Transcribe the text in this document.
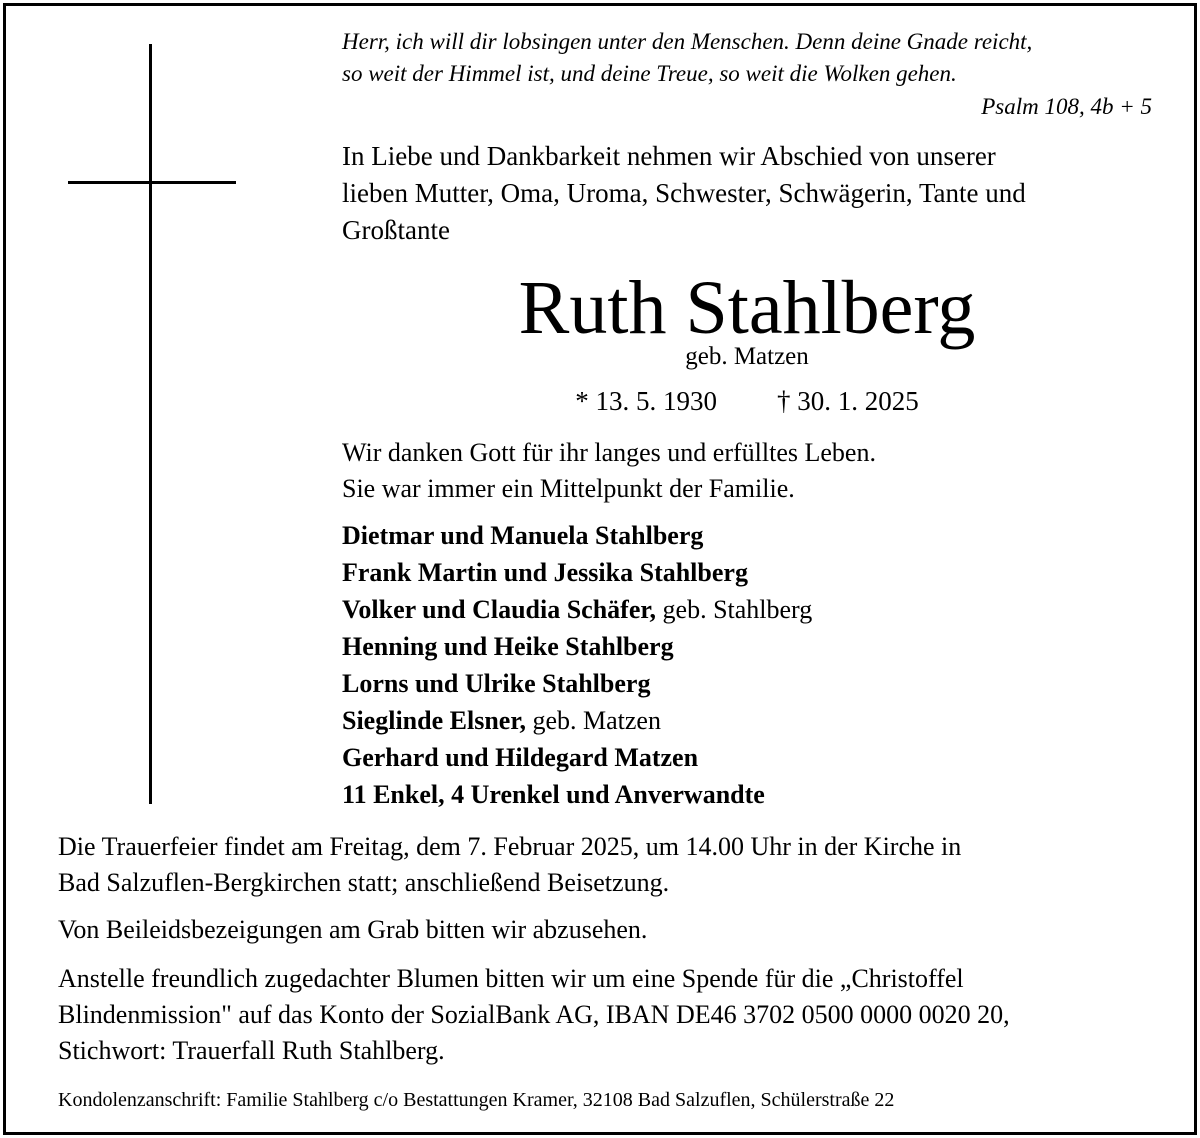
Herr, ich will dir lobsingen unter den Menschen. Denn deine Gnade reicht,
so weit der Himmel ist, und deine Treue, so weit die Wolken gehen.
Psalm 108, 4b + 5
In Liebe und Dankbarkeit nehmen wir Abschied von unserer
lieben Mutter, Oma, Uroma, Schwester, Schwägerin, Tante und
Großtante
Ruth Stahlberg
geb. Matzen
* 13. 5. 1930 † 30. 1. 2025
Wir danken Gott für ihr langes und erfülltes Leben.
Sie war immer ein Mittelpunkt der Familie.
Dietmar und Manuela Stahlberg
Frank Martin und Jessika Stahlberg
Volker und Claudia Schäfer, geb. Stahlberg
Henning und Heike Stahlberg
Lorns und Ulrike Stahlberg
Sieglinde Elsner, geb. Matzen
Gerhard und Hildegard Matzen
11 Enkel, 4 Urenkel und Anverwandte
Die Trauerfeier findet am Freitag, dem 7. Februar 2025, um 14.00 Uhr in der Kirche in
Bad Salzuflen-Bergkirchen statt; anschließend Beisetzung.
Von Beileidsbezeigungen am Grab bitten wir abzusehen.
Anstelle freundlich zugedachter Blumen bitten wir um eine Spende für die „Christoffel
Blindenmission" auf das Konto der SozialBank AG, IBAN DE46 3702 0500 0000 0020 20,
Stichwort: Trauerfall Ruth Stahlberg.
Kondolenzanschrift: Familie Stahlberg c/o Bestattungen Kramer, 32108 Bad Salzuflen, Schülerstraße 22
